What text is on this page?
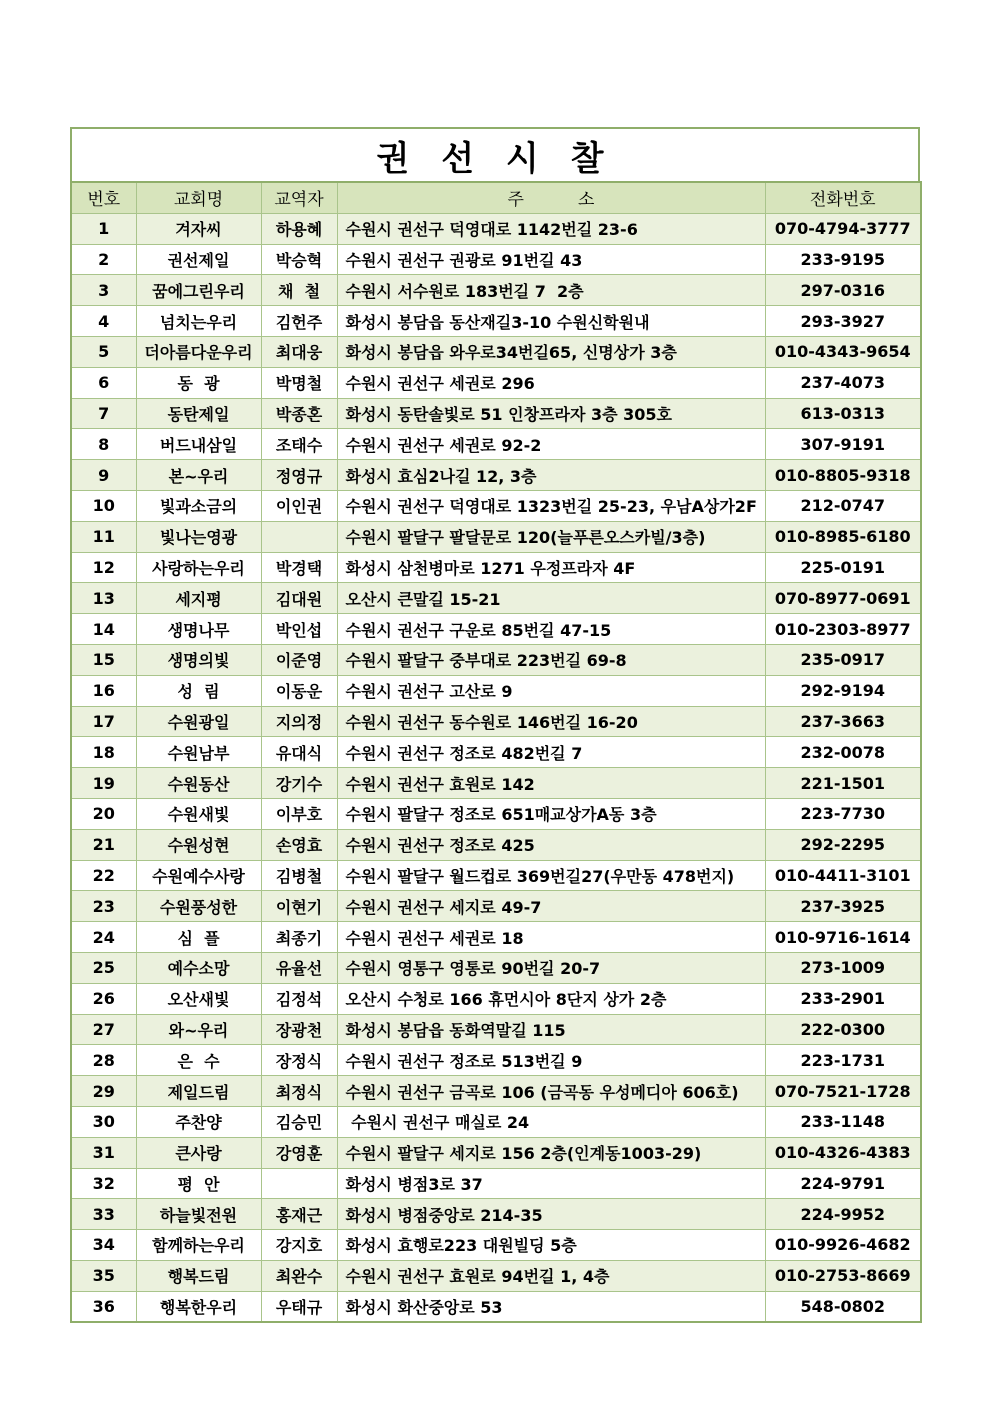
권 선 시 찰
번호	교회명	교역자	주          소	전화번호
1	겨자씨	하용혜	수원시 권선구 덕영대로 1142번길 23-6	070-4794-3777
2	권선제일	박승혁	수원시 권선구 권광로 91번길 43	233-9195
3	꿈에그린우리	채  철	수원시 서수원로 183번길 7  2층	297-0316
4	넘치는우리	김헌주	화성시 봉담읍 동산재길3-10 수원신학원내	293-3927
5	더아름다운우리	최대웅	화성시 봉담읍 와우로34번길65, 신명상가 3층	010-4343-9654
6	동  광	박명철	수원시 권선구 세권로 296	237-4073
7	동탄제일	박종혼	화성시 동탄솔빛로 51 인창프라자 3층 305호	613-0313
8	버드내삼일	조태수	수원시 권선구 세권로 92-2	307-9191
9	본~우리	정영규	화성시 효심2나길 12, 3층	010-8805-9318
10	빛과소금의	이인권	수원시 권선구 덕영대로 1323번길 25-23, 우남A상가2F	212-0747
11	빛나는영광		수원시 팔달구 팔달문로 120(늘푸른오스카빌/3층)	010-8985-6180
12	사랑하는우리	박경택	화성시 삼천병마로 1271 우정프라자 4F	225-0191
13	세지평	김대원	오산시 큰말길 15-21	070-8977-0691
14	생명나무	박인섭	수원시 권선구 구운로 85번길 47-15	010-2303-8977
15	생명의빛	이준영	수원시 팔달구 중부대로 223번길 69-8	235-0917
16	성  림	이동운	수원시 권선구 고산로 9	292-9194
17	수원광일	지의정	수원시 권선구 동수원로 146번길 16-20	237-3663
18	수원남부	유대식	수원시 권선구 정조로 482번길 7	232-0078
19	수원동산	강기수	수원시 권선구 효원로 142	221-1501
20	수원새빛	이부호	수원시 팔달구 정조로 651매교상가A동 3층	223-7730
21	수원성현	손영효	수원시 권선구 정조로 425	292-2295
22	수원예수사랑	김병철	수원시 팔달구 월드컵로 369번길27(우만동 478번지)	010-4411-3101
23	수원풍성한	이현기	수원시 권선구 세지로 49-7	237-3925
24	심  플	최종기	수원시 권선구 세권로 18	010-9716-1614
25	예수소망	유율선	수원시 영통구 영통로 90번길 20-7	273-1009
26	오산새빛	김정석	오산시 수청로 166 휴먼시아 8단지 상가 2층	233-2901
27	와~우리	장광천	화성시 봉담읍 동화역말길 115	222-0300
28	은  수	장정식	수원시 권선구 정조로 513번길 9	223-1731
29	제일드림	최정식	수원시 권선구 금곡로 106 (금곡동 우성메디아 606호)	070-7521-1728
30	주찬양	김승민	수원시 권선구 매실로 24	233-1148
31	큰사랑	강영훈	수원시 팔달구 세지로 156 2층(인계동1003-29)	010-4326-4383
32	평  안		화성시 병점3로 37	224-9791
33	하늘빛전원	홍재근	화성시 병점중앙로 214-35	224-9952
34	함께하는우리	강지호	화성시 효행로223 대원빌딩 5층	010-9926-4682
35	행복드림	최완수	수원시 권선구 효원로 94번길 1, 4층	010-2753-8669
36	행복한우리	우태규	화성시 화산중앙로 53	548-0802
